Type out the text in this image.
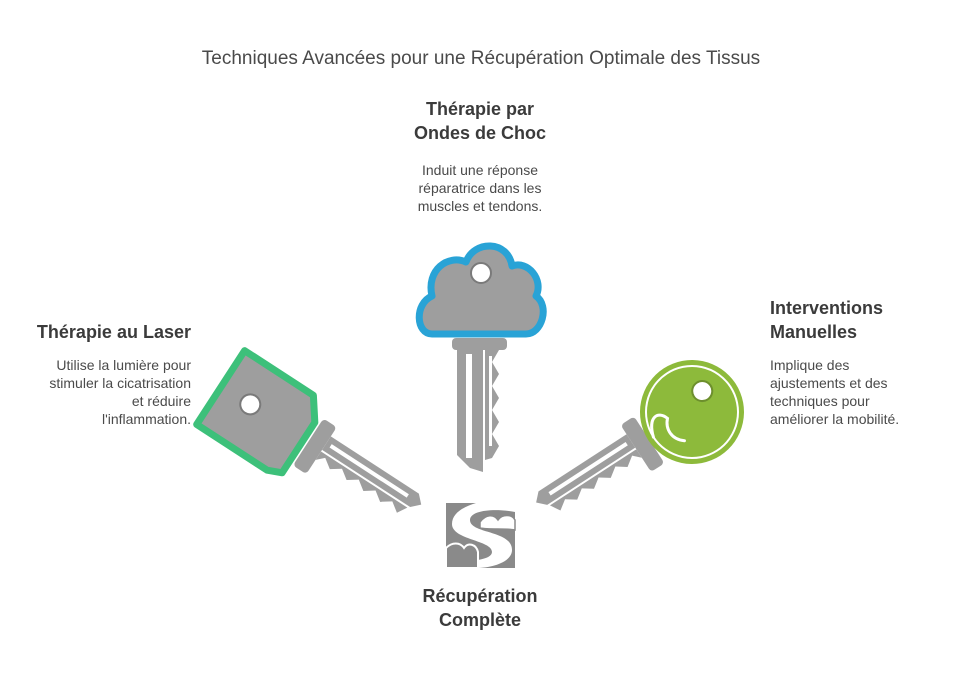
Techniques Avancées pour une Récupération Optimale des Tissus
Thérapie par
Ondes de Choc
Induit une réponse
réparatrice dans les
muscles et tendons.
Thérapie au Laser
Utilise la lumière pour
stimuler la cicatrisation
et réduire
l'inflammation.
Interventions
Manuelles
Implique des
ajustements et des
techniques pour
améliorer la mobilité.
Récupération
Complète
